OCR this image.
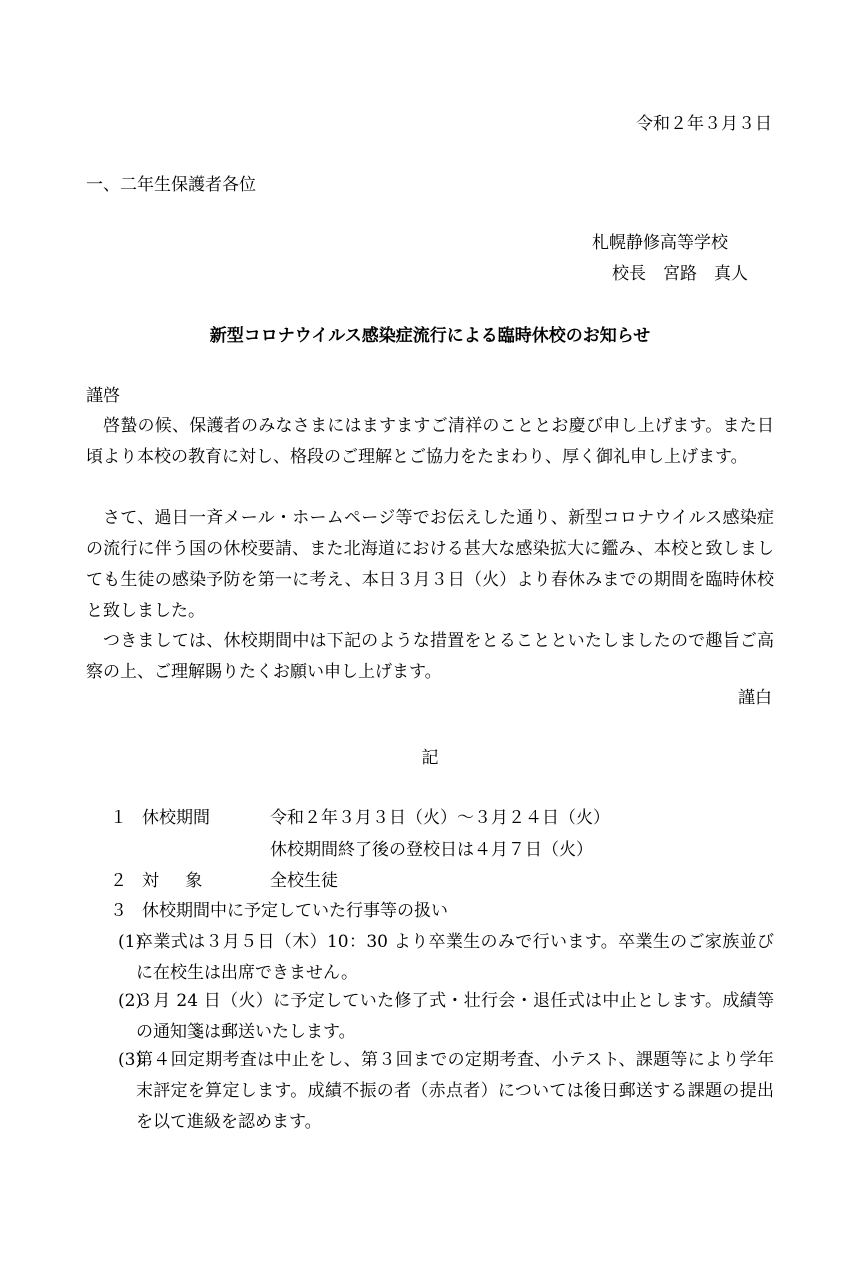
令和２年３月３日
一、二年生保護者各位
札幌静修高等学校
校長　宮路　真人
新型コロナウイルス感染症流行による臨時休校のお知らせ
謹啓
啓蟄の候、保護者のみなさまにはますますご清祥のこととお慶び申し上げます。また日頃より本校の教育に対し、格段のご理解とご協力をたまわり、厚く御礼申し上げます。
さて、過日一斉メール・ホームページ等でお伝えした通り、新型コロナウイルス感染症の流行に伴う国の休校要請、また北海道における甚大な感染拡大に鑑み、本校と致しましても生徒の感染予防を第一に考え、本日３月３日（火）より春休みまでの期間を臨時休校と致しました。
つきましては、休校期間中は下記のような措置をとることといたしましたので趣旨ご高察の上、ご理解賜りたくお願い申し上げます。
謹白
記
１ 休校期間	令和２年３月３日（火）～３月２４日（火）
休校期間終了後の登校日は４月７日（火）
２ 対象 全校生徒
３ 休校期間中に予定していた行事等の扱い
(1)
卒業式は３月５日（木）10：30 より卒業生のみで行います。卒業生のご家族並びに在校生は出席できません。
(2)
３月 24 日（火）に予定していた修了式・壮行会・退任式は中止とします。成績等の通知箋は郵送いたします。
(3)
第４回定期考査は中止をし、第３回までの定期考査、小テスト、課題等により学年末評定を算定します。成績不振の者（赤点者）については後日郵送する課題の提出を以て進級を認めます。
